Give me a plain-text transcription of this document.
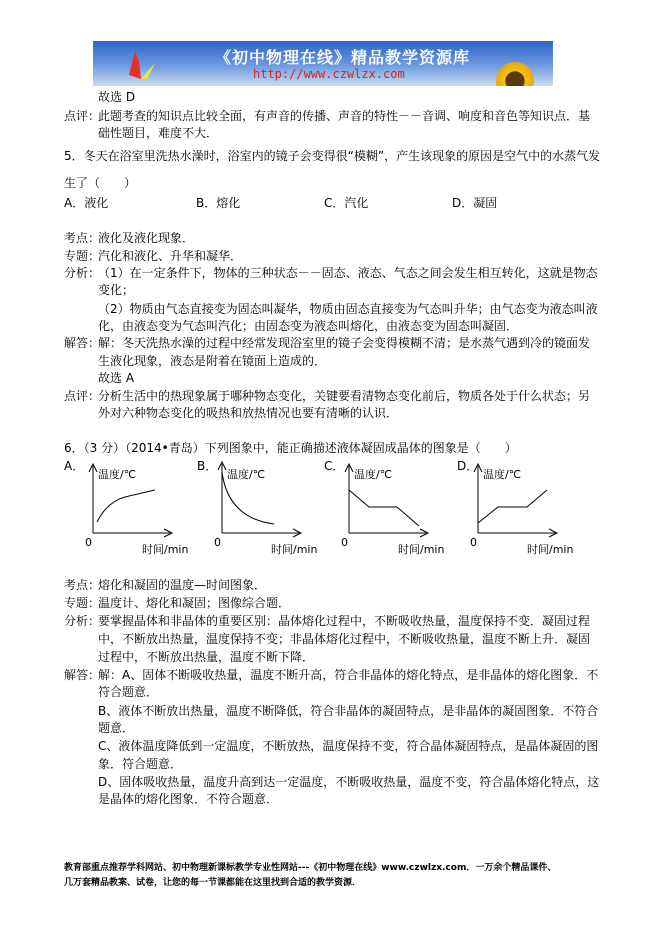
《初中物理在线》精品教学资源库
http://www.czwlzx.com
故选 D
点评：
此题考查的知识点比较全面，有声音的传播、声音的特性－－音调、响度和音色等知识点．基
础性题目，难度不大．
5．冬天在浴室里洗热水澡时，浴室内的镜子会变得很“模糊”，产生该现象的原因是空气中的水蒸气发
生了（　　）
A．液化	B．熔化	C．汽化	D．凝固
考点：
液化及液化现象．
专题：
汽化和液化、升华和凝华．
分析：
（1）在一定条件下，物体的三种状态－－固态、液态、气态之间会发生相互转化，这就是物态
变化；
（2）物质由气态直接变为固态叫凝华，物质由固态直接变为气态叫升华；由气态变为液态叫液
化，由液态变为气态叫汽化；由固态变为液态叫熔化，由液态变为固态叫凝固．
解答：
解：冬天洗热水澡的过程中经常发现浴室里的镜子会变得模糊不清；是水蒸气遇到冷的镜面发
生液化现象，液态是附着在镜面上造成的．
故选 A
点评：
分析生活中的热现象属于哪种物态变化，关键要看清物态变化前后，物质各处于什么状态；另
外对六种物态变化的吸热和放热情况也要有清晰的认识．
6．（3 分）（2014•青岛）下列图象中，能正确描述液体凝固成晶体的图象是（　　）
A．	B．	C．	D．
温度/℃
0
时间/min
温度/℃
0
时间/min
温度/℃
0
时间/min
温度/℃
0
时间/min
考点：
熔化和凝固的温度—时间图象．
专题：
温度计、熔化和凝固；图像综合题．
分析：
要掌握晶体和非晶体的重要区别：晶体熔化过程中，不断吸收热量，温度保持不变．凝固过程
中，不断放出热量，温度保持不变；非晶体熔化过程中，不断吸收热量，温度不断上升．凝固
过程中，不断放出热量，温度不断下降．
解答：
解：A、固体不断吸收热量，温度不断升高，符合非晶体的熔化特点，是非晶体的熔化图象．不
符合题意．
B、液体不断放出热量，温度不断降低，符合非晶体的凝固特点，是非晶体的凝固图象．不符合
题意．
C、液体温度降低到一定温度，不断放热，温度保持不变，符合晶体凝固特点，是晶体凝固的图
象．符合题意．
D、固体吸收热量，温度升高到达一定温度，不断吸收热量，温度不变，符合晶体熔化特点，这
是晶体的熔化图象．不符合题意．
教育部重点推荐学科网站、初中物理新课标教学专业性网站---《初中物理在线》www.czwlzx.com．一万余个精品课件、
几万套精品教案、试卷，让您的每一节课都能在这里找到合适的教学资源．
